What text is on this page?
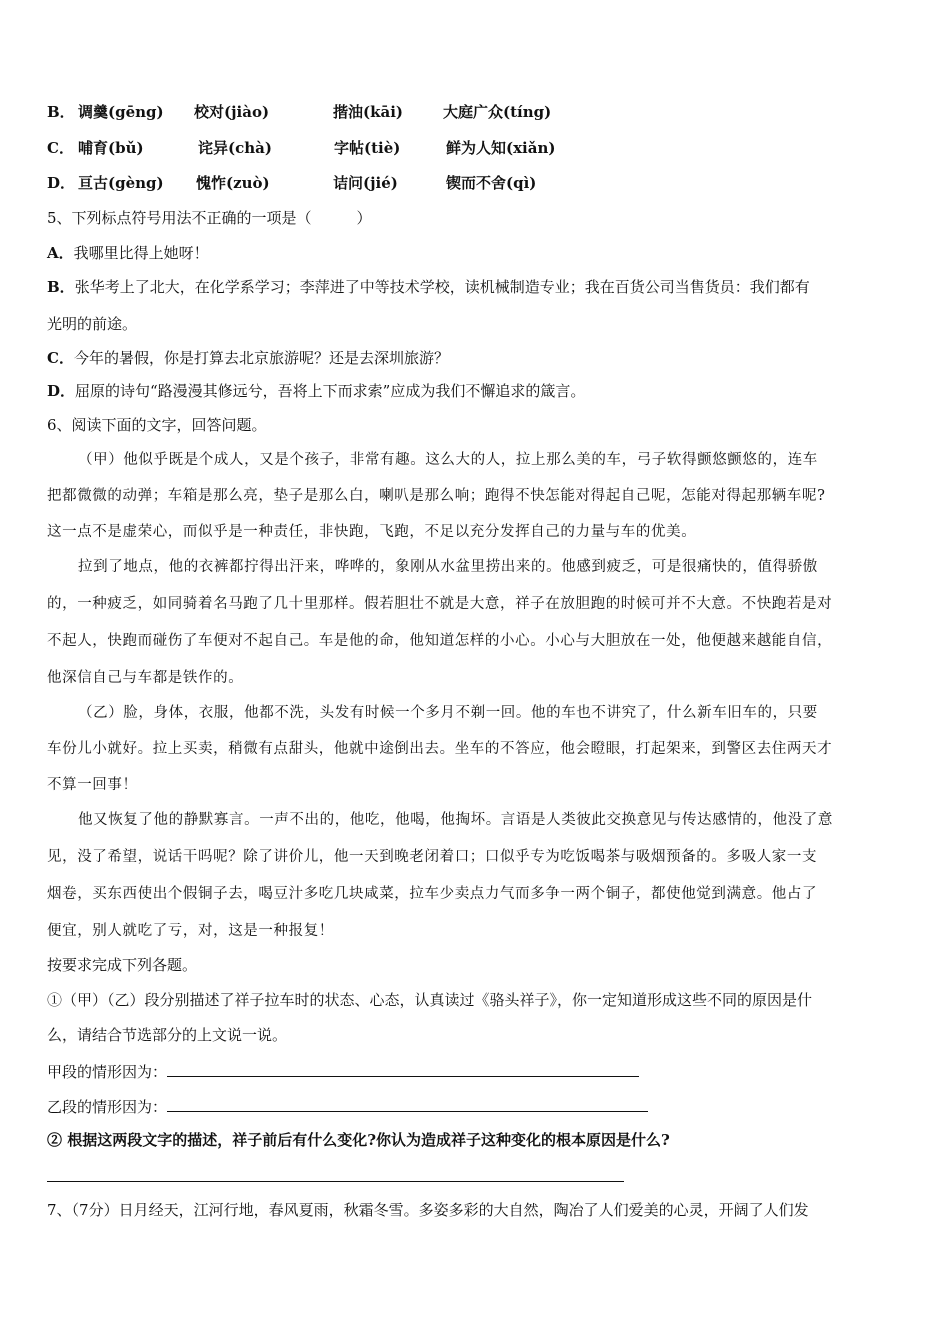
B． 调羹(gēng) 校对(jiào)	揩油(kāi)	大庭广众(tíng)
C． 哺育(bǔ)	诧异(chà)	字帖(tiè)	鲜为人知(xiǎn)
D． 亘古(gèng) 愧怍(zuò)	诘问(jié)	锲而不舍(qì)
5、下列标点符号用法不正确的一项是（　　　）
A．我哪里比得上她呀！
B．张华考上了北大，在化学系学习；李萍进了中等技术学校，读机械制造专业；我在百货公司当售货员：我们都有
光明的前途。
C．今年的暑假，你是打算去北京旅游呢？还是去深圳旅游？
D．屈原的诗句“路漫漫其修远兮，吾将上下而求索”应成为我们不懈追求的箴言。
6、阅读下面的文字，回答问题。
（甲）他似乎既是个成人，又是个孩子，非常有趣。这么大的人，拉上那么美的车，弓子软得颤悠颤悠的，连车
把都微微的动弹；车箱是那么亮，垫子是那么白，喇叭是那么响；跑得不快怎能对得起自己呢，怎能对得起那辆车呢?
这一点不是虚荣心，而似乎是一种责任，非快跑，飞跑，不足以充分发挥自己的力量与车的优美。
拉到了地点，他的衣裤都拧得出汗来，哗哗的，象刚从水盆里捞出来的。他感到疲乏，可是很痛快的，值得骄傲
的，一种疲乏，如同骑着名马跑了几十里那样。假若胆壮不就是大意，祥子在放胆跑的时候可并不大意。不快跑若是对
不起人，快跑而碰伤了车便对不起自己。车是他的命，他知道怎样的小心。小心与大胆放在一处，他便越来越能自信，
他深信自己与车都是铁作的。
（乙）脸，身体，衣服，他都不洗，头发有时候一个多月不剃一回。他的车也不讲究了，什么新车旧车的，只要
车份儿小就好。拉上买卖，稍微有点甜头，他就中途倒出去。坐车的不答应，他会瞪眼，打起架来，到警区去住两天才
不算一回事！
他又恢复了他的静默寡言。一声不出的，他吃，他喝，他掏坏。言语是人类彼此交换意见与传达感情的，他没了意
见，没了希望，说话干吗呢？除了讲价儿，他一天到晚老闭着口；口似乎专为吃饭喝茶与吸烟预备的。多吸人家一支
烟卷，买东西使出个假铜子去，喝豆汁多吃几块咸菜，拉车少卖点力气而多争一两个铜子，都使他觉到满意。他占了
便宜，别人就吃了亏，对，这是一种报复！
按要求完成下列各题。
①（甲）（乙）段分别描述了祥子拉车时的状态、心态，认真读过《骆头祥子》，你一定知道形成这些不同的原因是什
么，请结合节选部分的上文说一说。
甲段的情形因为：
乙段的情形因为：
② 根据这两段文字的描述，祥子前后有什么变化?你认为造成祥子这种变化的根本原因是什么?
7、（7分）日月经天，江河行地，春风夏雨，秋霜冬雪。多姿多彩的大自然，陶冶了人们爱美的心灵，开阔了人们发
